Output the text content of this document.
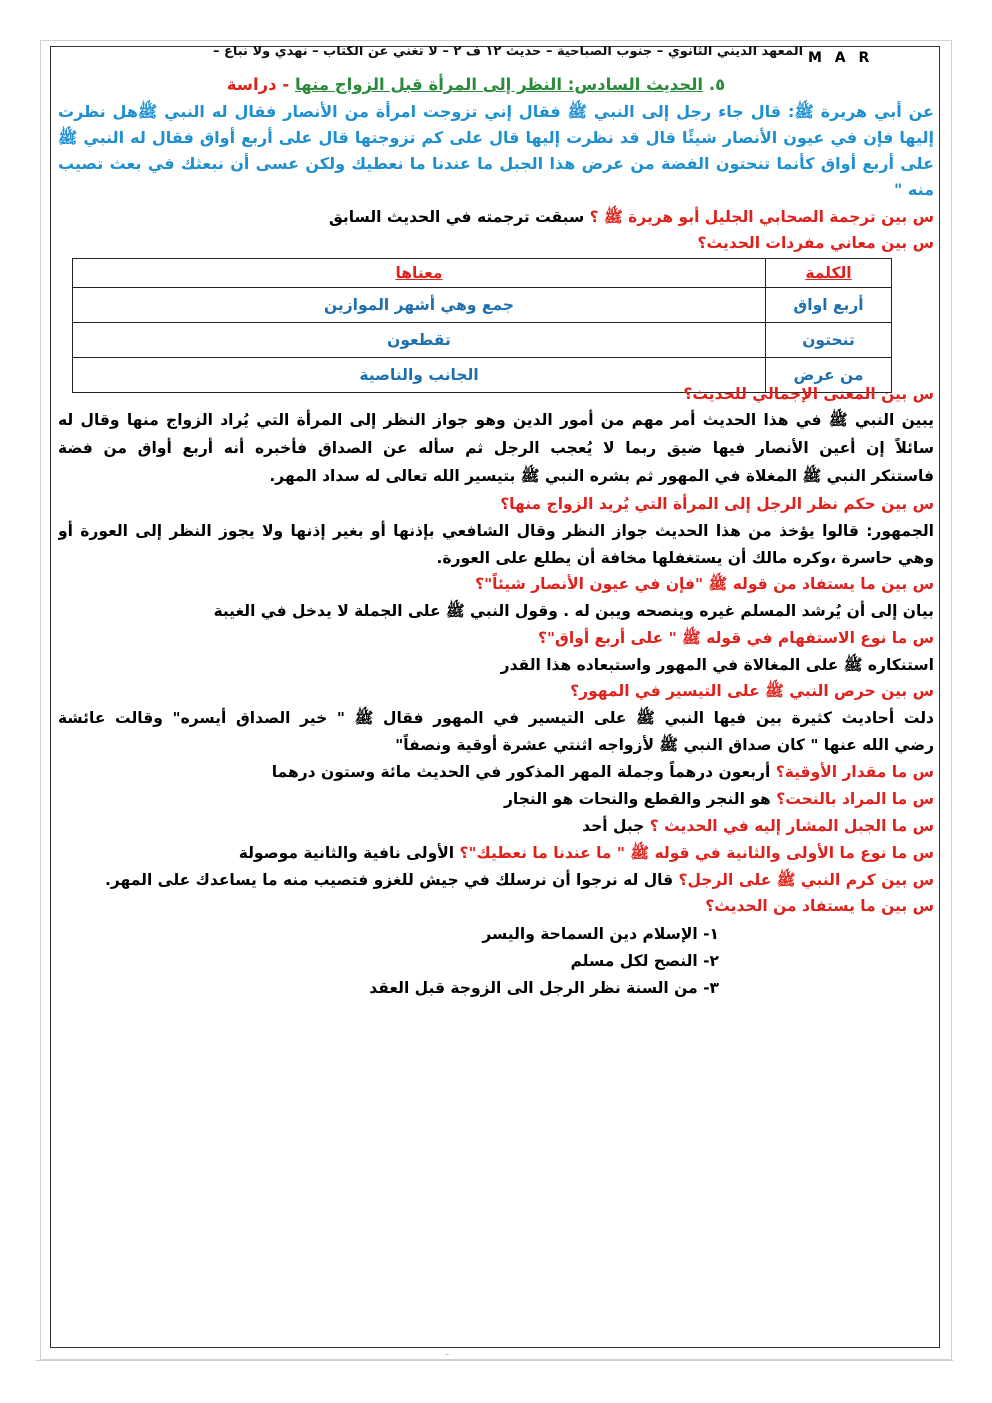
المعهد الديني الثانوي – جنوب الصباحية – حديث ١٢ ف ٢ – لا تغني عن الكتاب – نهدي ولا نباع – M A R
٥. الحديث السادس: النظر إلى المرأة قبل الزواج منها - دراسة
عن أبي هريرة ﷺ: قال جاء رجل إلى النبي ﷺ فقال إني تزوجت امرأة من الأنصار فقال له النبي ﷺهل نظرت
إليها فإن في عيون الأنصار شيئًا قال قد نظرت إليها قال على كم تزوجتها قال على أربع أواق فقال له النبي ﷺ
على أربع أواق كأنما تنحتون الفضة من عرض هذا الجبل ما عندنا ما نعطيك ولكن عسى أن نبعثك في بعث تصيب
منه "
س بين ترجمة الصحابي الجليل أبو هريرة ﷺ ؟ سبقت ترجمته في الحديث السابق
س بين معاني مفردات الحديث؟
الكلمة	معناها
أربع اواق	جمع وهي أشهر الموازين
تنحتون	تقطعون
من عرض	الجانب والناصية
س بين المعنى الإجمالي للحديث؟
يبين النبي ﷺ في هذا الحديث أمر مهم من أمور الدين وهو جواز النظر إلى المرأة التي يُراد الزواج منها وقال له
سائلاً إن أعين الأنصار فيها ضيق ربما لا يُعجب الرجل ثم سأله عن الصداق فأخبره أنه أربع أواق من فضة
فاستنكر النبي ﷺ المغلاة في المهور ثم بشره النبي ﷺ بتيسير الله تعالى له سداد المهر.
س بين حكم نظر الرجل إلى المرأة التي يُريد الزواج منها؟
الجمهور: قالوا يؤخذ من هذا الحديث جواز النظر وقال الشافعي بإذنها أو بغير إذنها ولا يجوز النظر إلى العورة أو
وهي حاسرة ،وكره مالك أن يستغفلها مخافة أن يطلع على العورة.
س بين ما يستفاد من قوله ﷺ "فإن في عيون الأنصار شيئاً"؟
بيان إلى أن يُرشد المسلم غيره وينصحه ويبن له . وقول النبي ﷺ على الجملة لا يدخل في الغيبة
س ما نوع الاستفهام في قوله ﷺ " على أربع أواق"؟
استنكاره ﷺ على المغالاة في المهور واستبعاده هذا القدر
س بين حرص النبي ﷺ على التيسير في المهور؟
دلت أحاديث كثيرة بين فيها النبي ﷺ على التيسير في المهور فقال ﷺ " خير الصداق أيسره" وقالت عائشة
رضي الله عنها " كان صداق النبي ﷺ لأزواجه اثنتي عشرة أوقية ونصفاً"
س ما مقدار الأوقية؟ أربعون درهماً وجملة المهر المذكور في الحديث مائة وستون درهما
س ما المراد بالنحت؟ هو النجر والقطع والنحات هو النجار
س ما الجبل المشار إليه في الحديث ؟ جبل أحد
س ما نوع ما الأولى والثانية في قوله ﷺ " ما عندنا ما نعطيك"؟ الأولى نافية والثانية موصولة
س بين كرم النبي ﷺ على الرجل؟ قال له نرجوا أن نرسلك في جيش للغزو فتصيب منه ما يساعدك على المهر.
س بين ما يستفاد من الحديث؟
١- الإسلام دين السماحة واليسر
٢- النصح لكل مسلم
٣- من السنة نظر الرجل الى الزوجة قبل العقد
ـ
